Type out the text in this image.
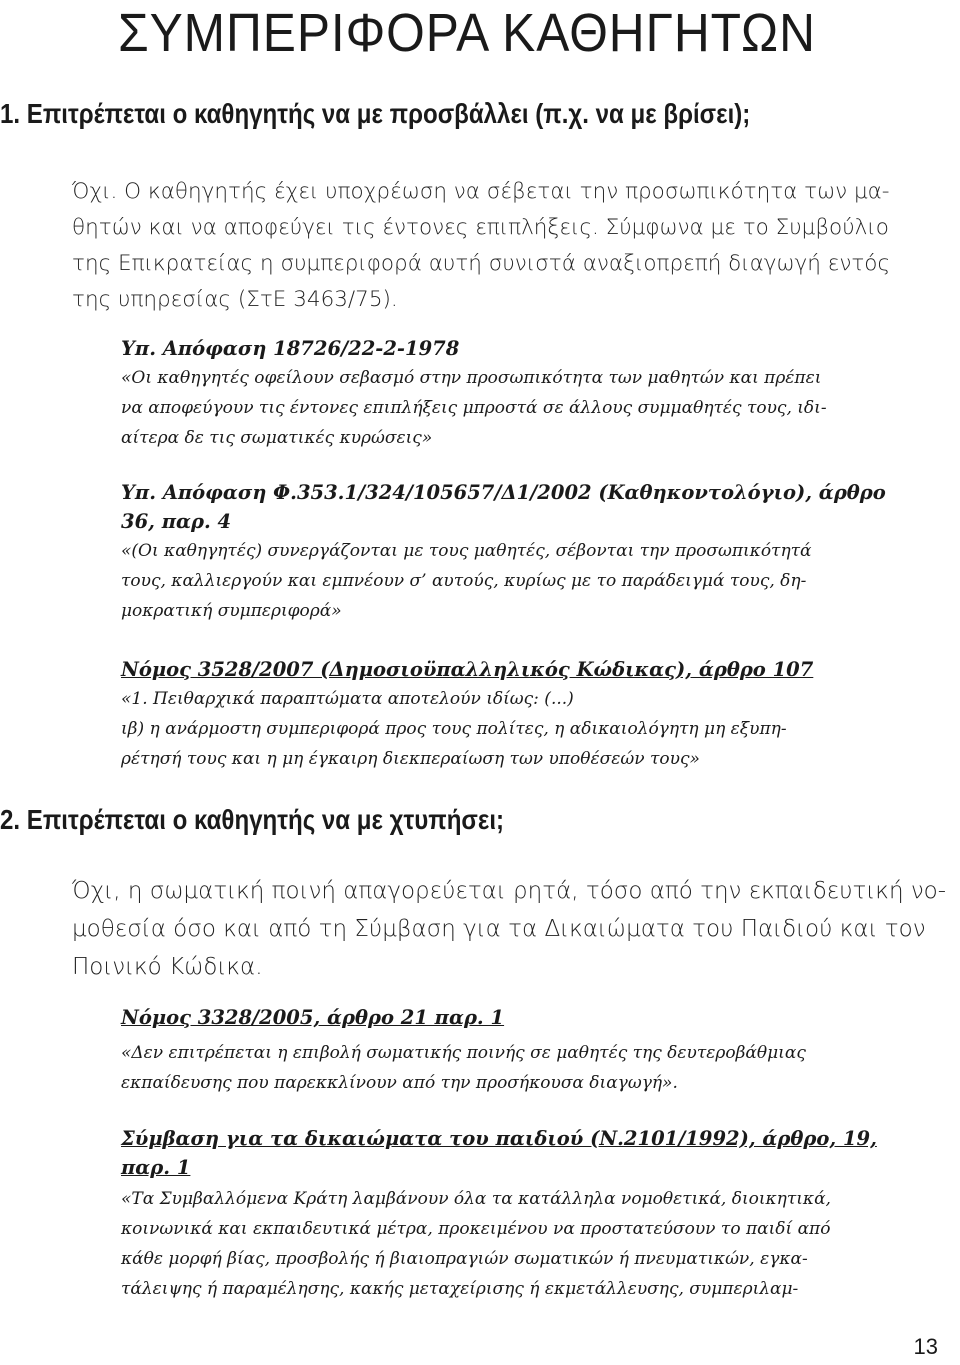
ΣΥΜΠΕΡΙΦΟΡΑ ΚΑΘΗΓΗΤΩΝ
1. Επιτρέπεται ο καθηγητής να με προσβάλλει (π.χ. να με βρίσει);

Όχι. Ο καθηγητής έχει υποχρέωση να σέβεται την προσωπικότητα των μα-

θητών και να αποφεύγει τις έντονες επιπλήξεις. Σύμφωνα με το Συμβούλιο

της Επικρατείας η συμπεριφορά αυτή συνιστά αναξιοπρεπή διαγωγή εντός

της υπηρεσίας (ΣτΕ 3463/75).

Υπ. Απόφαση 18726/22-2-1978

«Οι καθηγητές οφείλουν σεβασμό στην προσωπικότητα των μαθητών και πρέπει

να αποφεύγουν τις έντονες επιπλήξεις μπροστά σε άλλους συμμαθητές τους, ιδι-

αίτερα δε τις σωματικές κυρώσεις»

Υπ. Απόφαση Φ.353.1/324/105657/Δ1/2002 (Καθηκοντολόγιο), άρθρο
36, παρ. 4

«(Οι καθηγητές) συνεργάζονται με τους μαθητές, σέβονται την προσωπικότητά

τους, καλλιεργούν και εμπνέουν σ’ αυτούς, κυρίως με το παράδειγμά τους, δη-

μοκρατική συμπεριφορά»

Νόμος 3528/2007 (Δημοσιοϋπαλληλικός Κώδικας), άρθρο 107

«1. Πειθαρχικά παραπτώματα αποτελούν ιδίως: (...)

ιβ) η ανάρμοστη συμπεριφορά προς τους πολίτες, η αδικαιολόγητη μη εξυπη-

ρέτησή τους και η μη έγκαιρη διεκπεραίωση των υποθέσεών τους»

2. Επιτρέπεται ο καθηγητής να με χτυπήσει;

Όχι, η σωματική ποινή απαγορεύεται ρητά, τόσο από την εκπαιδευτική νο-

μοθεσία όσο και από τη Σύμβαση για τα Δικαιώματα του Παιδιού και τον

Ποινικό Κώδικα.

Νόμος 3328/2005, άρθρο 21 παρ. 1

«Δεν επιτρέπεται η επιβολή σωματικής ποινής σε μαθητές της δευτεροβάθμιας

εκπαίδευσης που παρεκκλίνουν από την προσήκουσα διαγωγή».

Σύμβαση για τα δικαιώματα του παιδιού (Ν.2101/1992), άρθρο, 19,
παρ. 1

«Τα Συμβαλλόμενα Κράτη λαμβάνουν όλα τα κατάλληλα νομοθετικά, διοικητικά,

κοινωνικά και εκπαιδευτικά μέτρα, προκειμένου να προστατεύσουν το παιδί από

κάθε μορφή βίας, προσβολής ή βιαιοπραγιών σωματικών ή πνευματικών, εγκα-

τάλειψης ή παραμέλησης, κακής μεταχείρισης ή εκμετάλλευσης, συμπεριλαμ-

13
